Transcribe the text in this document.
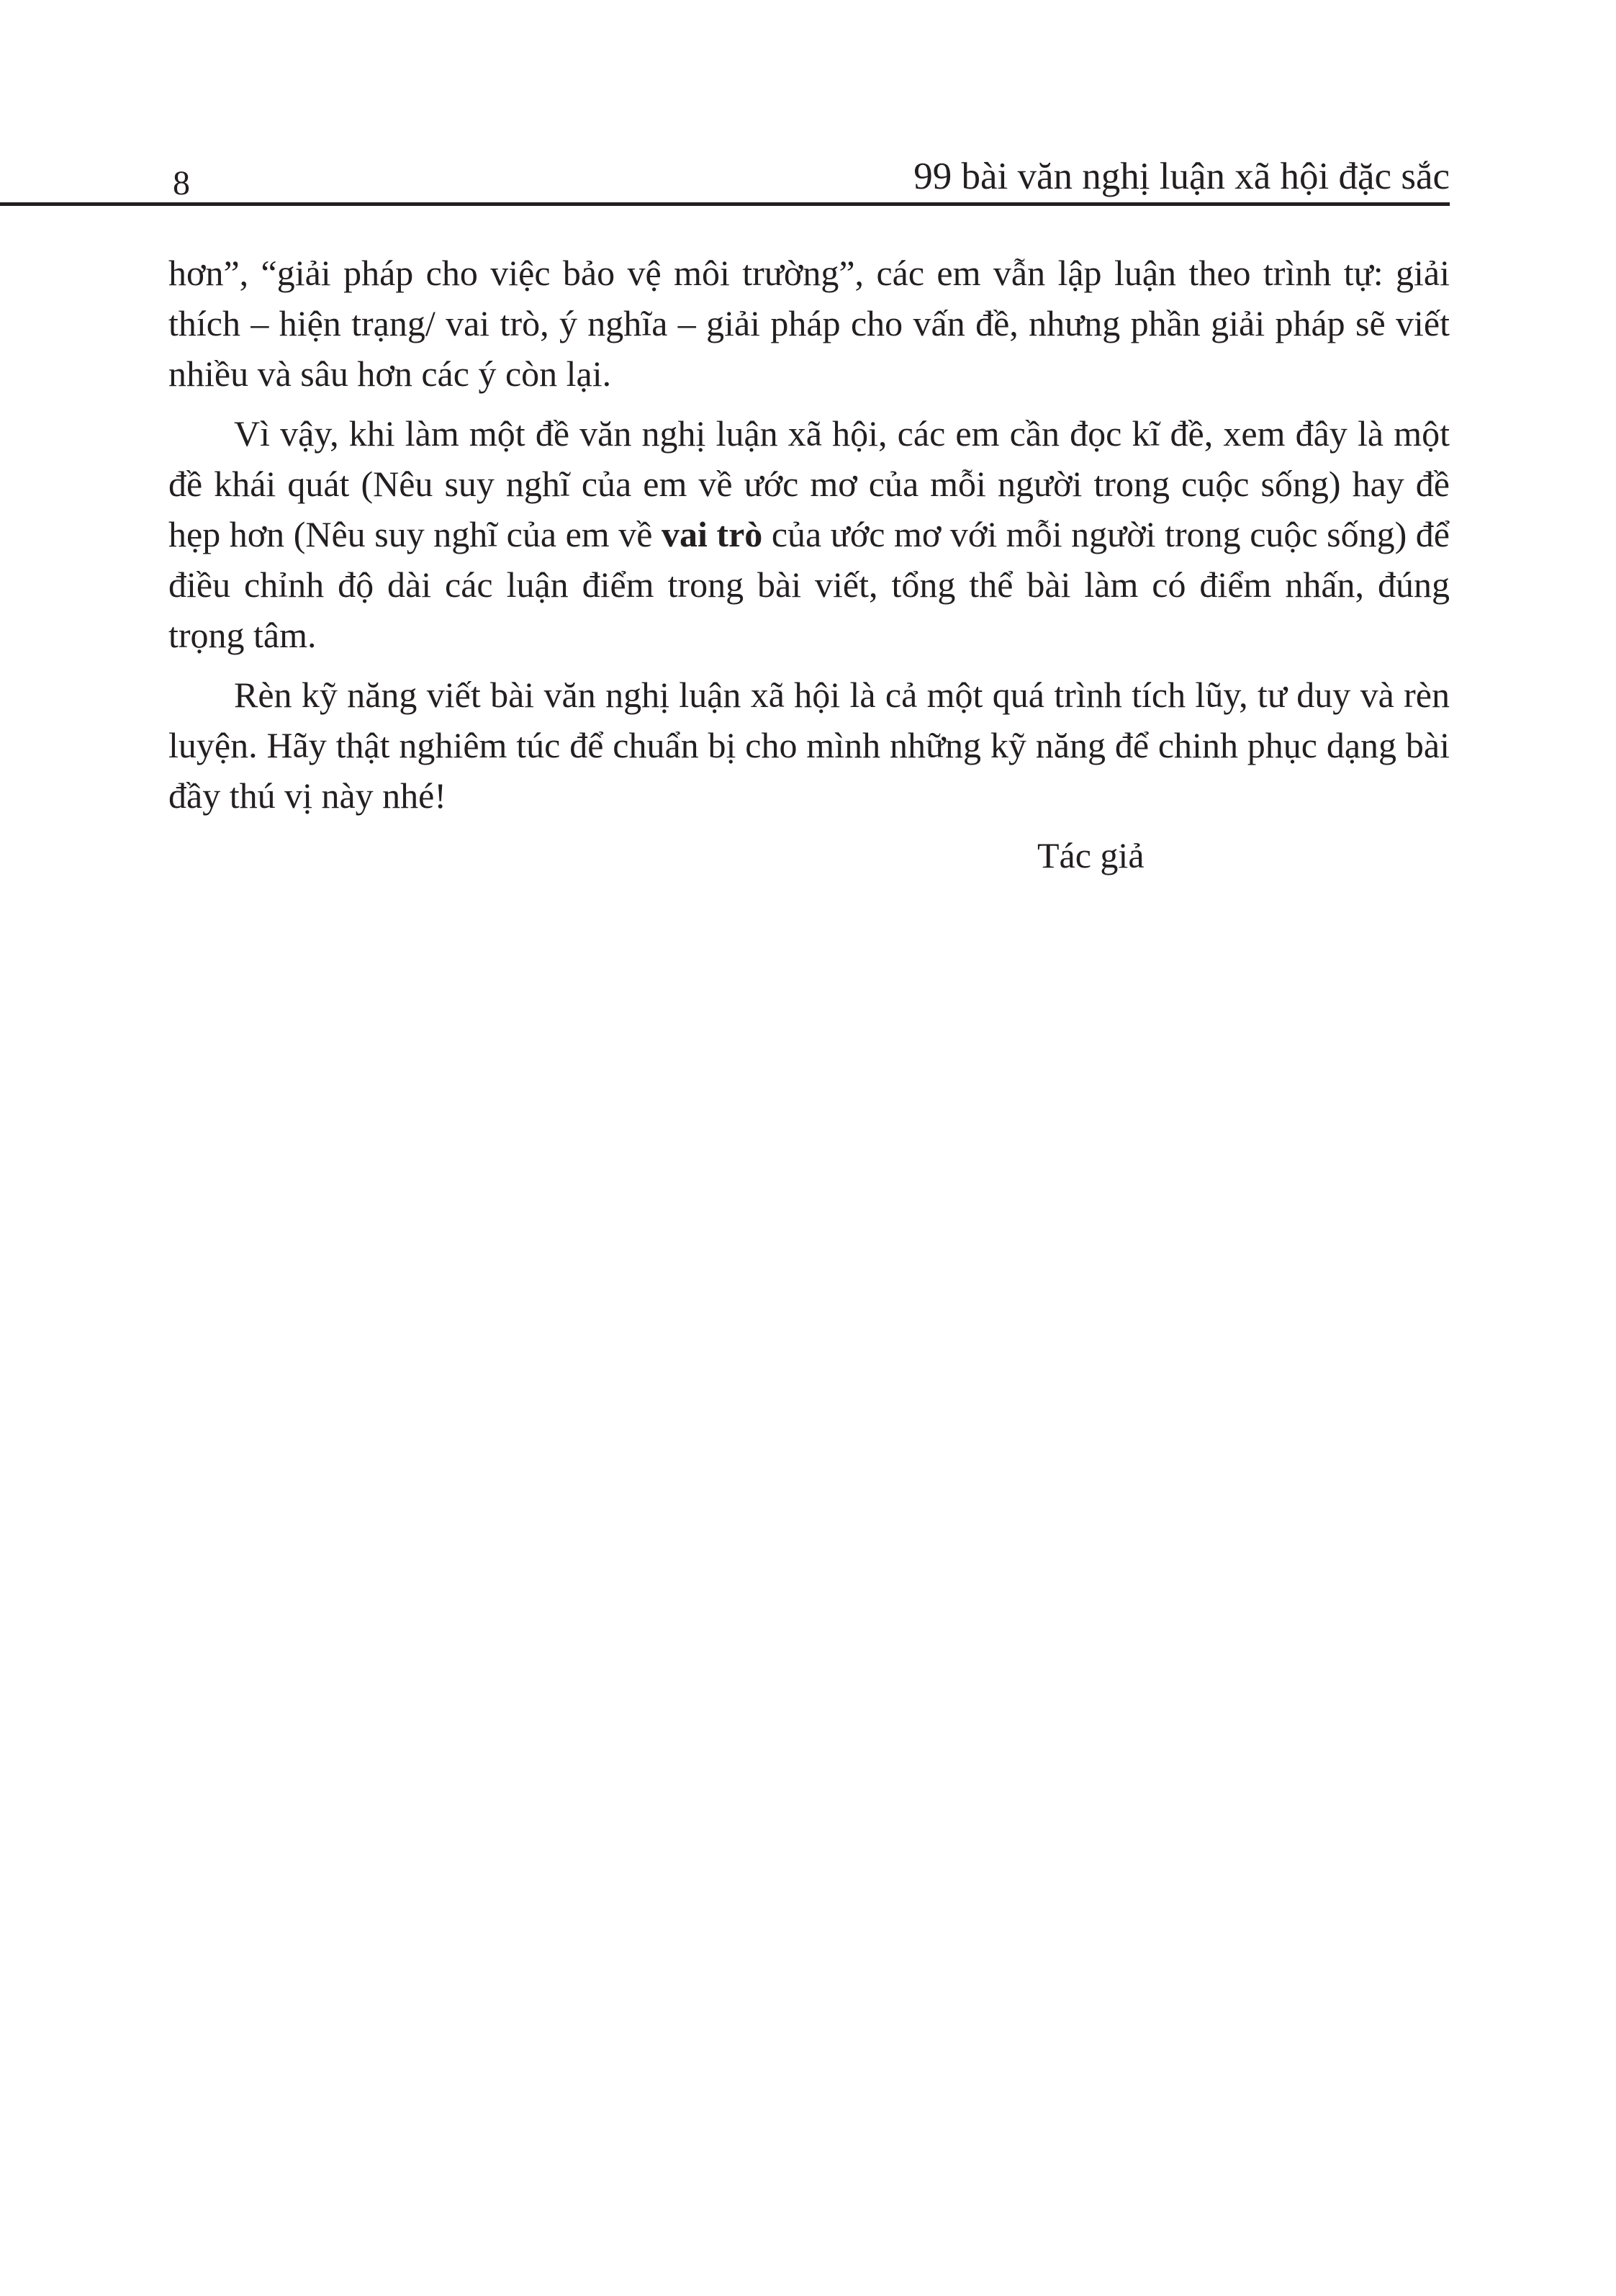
8	99 bài văn nghị luận xã hội đặc sắc

hơn”, “giải pháp cho việc bảo vệ môi trường”, các em vẫn lập luận theo trình tự: giải thích – hiện trạng/ vai trò, ý nghĩa – giải pháp cho vấn đề, nhưng phần giải pháp sẽ viết nhiều và sâu hơn các ý còn lại.

Vì vậy, khi làm một đề văn nghị luận xã hội, các em cần đọc kĩ đề, xem đây là một đề khái quát (Nêu suy nghĩ của em về ước mơ của mỗi người trong cuộc sống) hay đề hẹp hơn (Nêu suy nghĩ của em về vai trò của ước mơ với mỗi người trong cuộc sống) để điều chỉnh độ dài các luận điểm trong bài viết, tổng thể bài làm có điểm nhấn, đúng trọng tâm.

Rèn kỹ năng viết bài văn nghị luận xã hội là cả một quá trình tích lũy, tư duy và rèn luyện. Hãy thật nghiêm túc để chuẩn bị cho mình những kỹ năng để chinh phục dạng bài đầy thú vị này nhé!

Tác giả
